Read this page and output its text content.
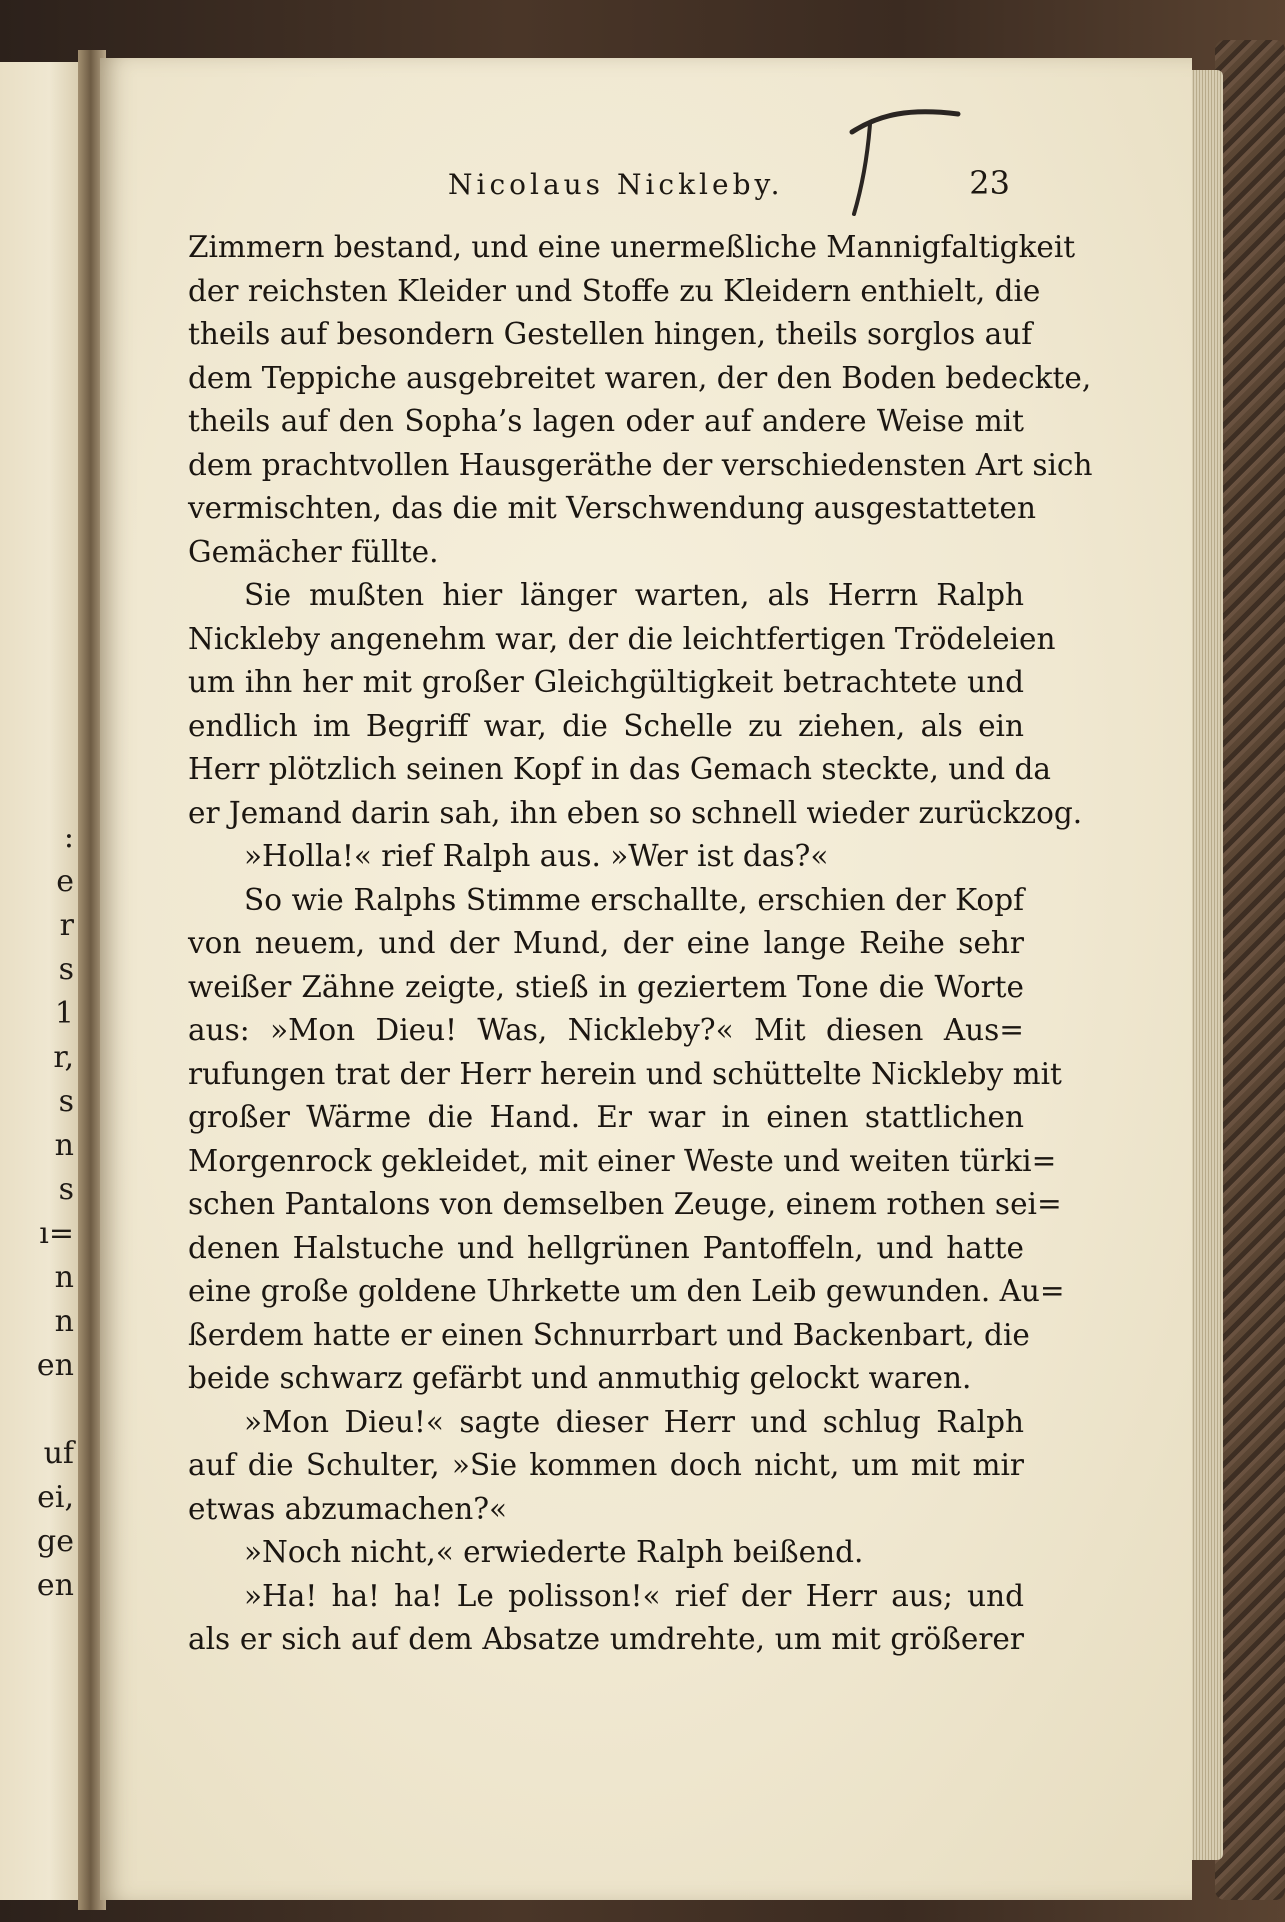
:
e
r
s
1
r,
s
n
s
ı=
n
n
en
uf
ei,
ge
en
Nicolaus Nickleby.	23
Zimmern bestand, und eine unermeßliche Mannigfaltigkeit
der reichsten Kleider und Stoffe zu Kleidern enthielt, die
theils auf besondern Gestellen hingen, theils sorglos auf
dem Teppiche ausgebreitet waren, der den Boden bedeckte,
theils auf den Sopha’s lagen oder auf andere Weise mit
dem prachtvollen Hausgeräthe der verschiedensten Art sich
vermischten, das die mit Verschwendung ausgestatteten
Gemächer füllte.
Sie mußten hier länger warten, als Herrn Ralph
Nickleby angenehm war, der die leichtfertigen Trödeleien
um ihn her mit großer Gleichgültigkeit betrachtete und
endlich im Begriff war, die Schelle zu ziehen, als ein
Herr plötzlich seinen Kopf in das Gemach steckte, und da
er Jemand darin sah, ihn eben so schnell wieder zurückzog.
»Holla!« rief Ralph aus. »Wer ist das?«
So wie Ralphs Stimme erschallte, erschien der Kopf
von neuem, und der Mund, der eine lange Reihe sehr
weißer Zähne zeigte, stieß in geziertem Tone die Worte
aus: »Mon Dieu! Was, Nickleby?« Mit diesen Aus=
rufungen trat der Herr herein und schüttelte Nickleby mit
großer Wärme die Hand. Er war in einen stattlichen
Morgenrock gekleidet, mit einer Weste und weiten türki=
schen Pantalons von demselben Zeuge, einem rothen sei=
denen Halstuche und hellgrünen Pantoffeln, und hatte
eine große goldene Uhrkette um den Leib gewunden. Au=
ßerdem hatte er einen Schnurrbart und Backenbart, die
beide schwarz gefärbt und anmuthig gelockt waren.
»Mon Dieu!« sagte dieser Herr und schlug Ralph
auf die Schulter, »Sie kommen doch nicht, um mit mir
etwas abzumachen?«
»Noch nicht,« erwiederte Ralph beißend.
»Ha! ha! ha! Le polisson!« rief der Herr aus; und
als er sich auf dem Absatze umdrehte, um mit größerer
